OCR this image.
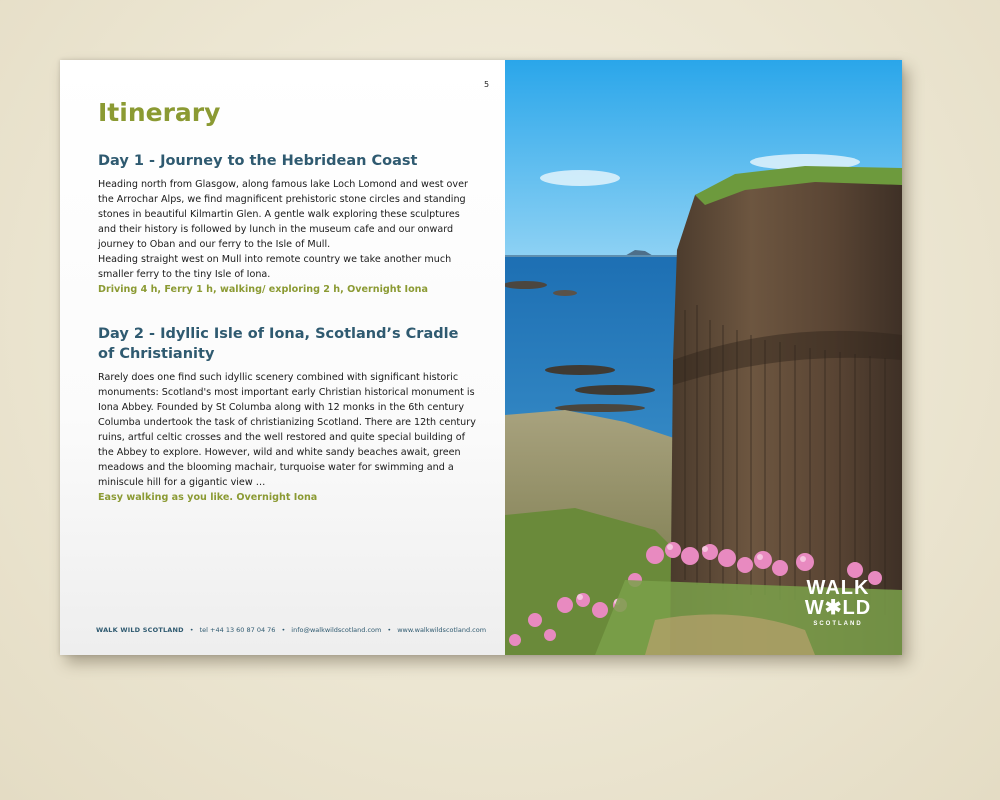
5
Itinerary
Day 1 - Journey to the Hebridean Coast

Heading north from Glasgow, along famous lake Loch Lomond and west over the Arrochar Alps, we find magnificent prehistoric stone circles and standing stones in beautiful Kilmartin Glen. A gentle walk exploring these sculptures and their history is followed by lunch in the museum cafe and our onward journey to Oban and our ferry to the Isle of Mull.

Heading straight west on Mull into remote country we take another much smaller ferry to the tiny Isle of Iona.

Driving 4 h, Ferry 1 h, walking/ exploring 2 h, Overnight Iona

Day 2 - Idyllic Isle of Iona, Scotland’s Cradle of Christianity

Rarely does one find such idyllic scenery combined with significant historic monuments: Scotland's most important early Christian historical monument is Iona Abbey. Founded by St Columba along with 12 monks in the 6th century Columba undertook the task of christianizing Scotland. There are 12th century ruins, artful celtic crosses and the well restored and quite special building of the Abbey to explore. However, wild and white sandy beaches await, green meadows and the blooming machair, turquoise water for swimming and a miniscule hill for a gigantic view …

Easy walking as you like. Overnight Iona

WALK WILD SCOTLAND • tel +44 13 60 87 04 76 • info@walkwildscotland.com • www.walkwildscotland.com
WALK
W✱LD
SCOTLAND
